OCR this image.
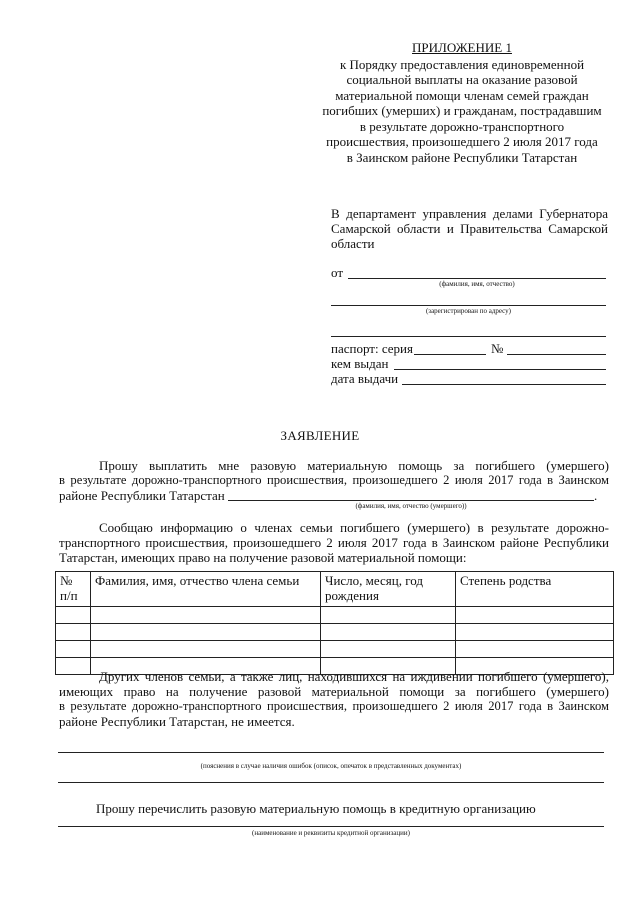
ПРИЛОЖЕНИЕ 1
к Порядку предоставления единовременной
социальной выплаты на оказание разовой
материальной помощи членам семей граждан
погибших (умерших) и гражданам, пострадавшим
в результате дорожно-транспортного
происшествия, произошедшего 2 июля 2017 года
в Заинском районе Республики Татарстан
В департамент управления делами Губернатора
Самарской области и Правительства Самарской
области
от
(фамилия, имя, отчество)
(зарегистрирован по адресу)
паспорт: серия	№
кем выдан
дата выдачи
ЗАЯВЛЕНИЕ
Прошу выплатить мне разовую материальную помощь за погибшего (умершего)
в результате дорожно-транспортного происшествия, произошедшего 2 июля 2017 года в Заинском
районе Республики Татарстан	.
(фамилия, имя, отчество (умершего))
Сообщаю информацию о членах семьи погибшего (умершего) в результате дорожно-
транспортного происшествия, произошедшего 2 июля 2017 года в Заинском районе Республики
Татарстан, имеющих право на получение разовой материальной помощи:
№ п/п	Фамилия, имя, отчество члена семьи	Число, месяц, год рождения	Степень родства

Других членов семьи, а также лиц, находившихся на иждивении погибшего (умершего),
имеющих право на получение разовой материальной помощи за погибшего (умершего)
в результате дорожно-транспортного происшествия, произошедшего 2 июля 2017 года в Заинском
районе Республики Татарстан, не имеется.
(пояснения в случае наличия ошибок (описок, опечаток в представленных документах)
Прошу перечислить разовую материальную помощь в кредитную организацию
(наименование и реквизиты кредитной организации)
